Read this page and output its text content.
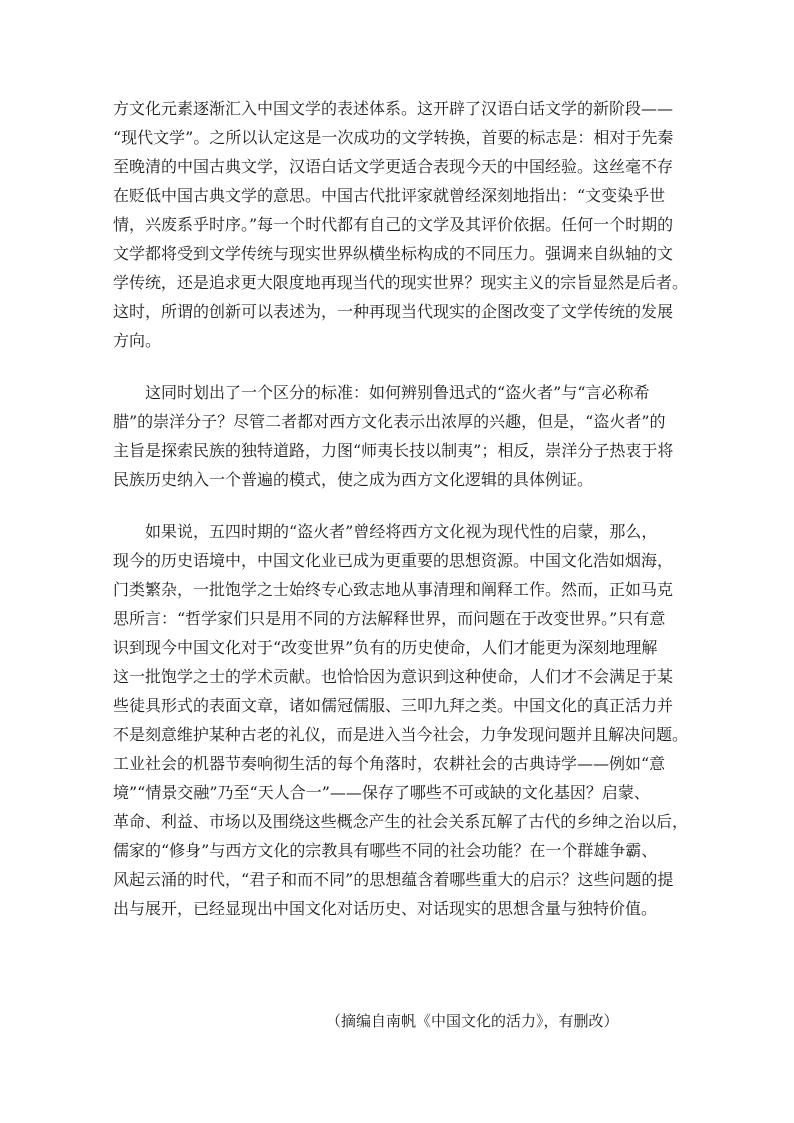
方文化元素逐渐汇入中国文学的表述体系。这开辟了汉语白话文学的新阶段——
“现代文学”。之所以认定这是一次成功的文学转换，首要的标志是：相对于先秦
至晚清的中国古典文学，汉语白话文学更适合表现今天的中国经验。这丝毫不存
在贬低中国古典文学的意思。中国古代批评家就曾经深刻地指出：“文变染乎世
情，兴废系乎时序。”每一个时代都有自己的文学及其评价依据。任何一个时期的
文学都将受到文学传统与现实世界纵横坐标构成的不同压力。强调来自纵轴的文
学传统，还是追求更大限度地再现当代的现实世界？现实主义的宗旨显然是后者。
这时，所谓的创新可以表述为，一种再现当代现实的企图改变了文学传统的发展
方向。
这同时划出了一个区分的标准：如何辨别鲁迅式的“盗火者”与“言必称希
腊”的崇洋分子？尽管二者都对西方文化表示出浓厚的兴趣，但是，“盗火者”的
主旨是探索民族的独特道路，力图“师夷长技以制夷”；相反，崇洋分子热衷于将
民族历史纳入一个普遍的模式，使之成为西方文化逻辑的具体例证。
如果说，五四时期的“盗火者”曾经将西方文化视为现代性的启蒙，那么，
现今的历史语境中，中国文化业已成为更重要的思想资源。中国文化浩如烟海，
门类繁杂，一批饱学之士始终专心致志地从事清理和阐释工作。然而，正如马克
思所言：“哲学家们只是用不同的方法解释世界，而问题在于改变世界。”只有意
识到现今中国文化对于“改变世界”负有的历史使命，人们才能更为深刻地理解
这一批饱学之士的学术贡献。也恰恰因为意识到这种使命，人们才不会满足于某
些徒具形式的表面文章，诸如儒冠儒服、三叩九拜之类。中国文化的真正活力并
不是刻意维护某种古老的礼仪，而是进入当今社会，力争发现问题并且解决问题。
工业社会的机器节奏响彻生活的每个角落时，农耕社会的古典诗学——例如“意
境”“情景交融”乃至“天人合一”——保存了哪些不可或缺的文化基因？启蒙、
革命、利益、市场以及围绕这些概念产生的社会关系瓦解了古代的乡绅之治以后，
儒家的“修身”与西方文化的宗教具有哪些不同的社会功能？在一个群雄争霸、
风起云涌的时代，“君子和而不同”的思想蕴含着哪些重大的启示？这些问题的提
出与展开，已经显现出中国文化对话历史、对话现实的思想含量与独特价值。
（摘编自南帆《中国文化的活力》，有删改）
